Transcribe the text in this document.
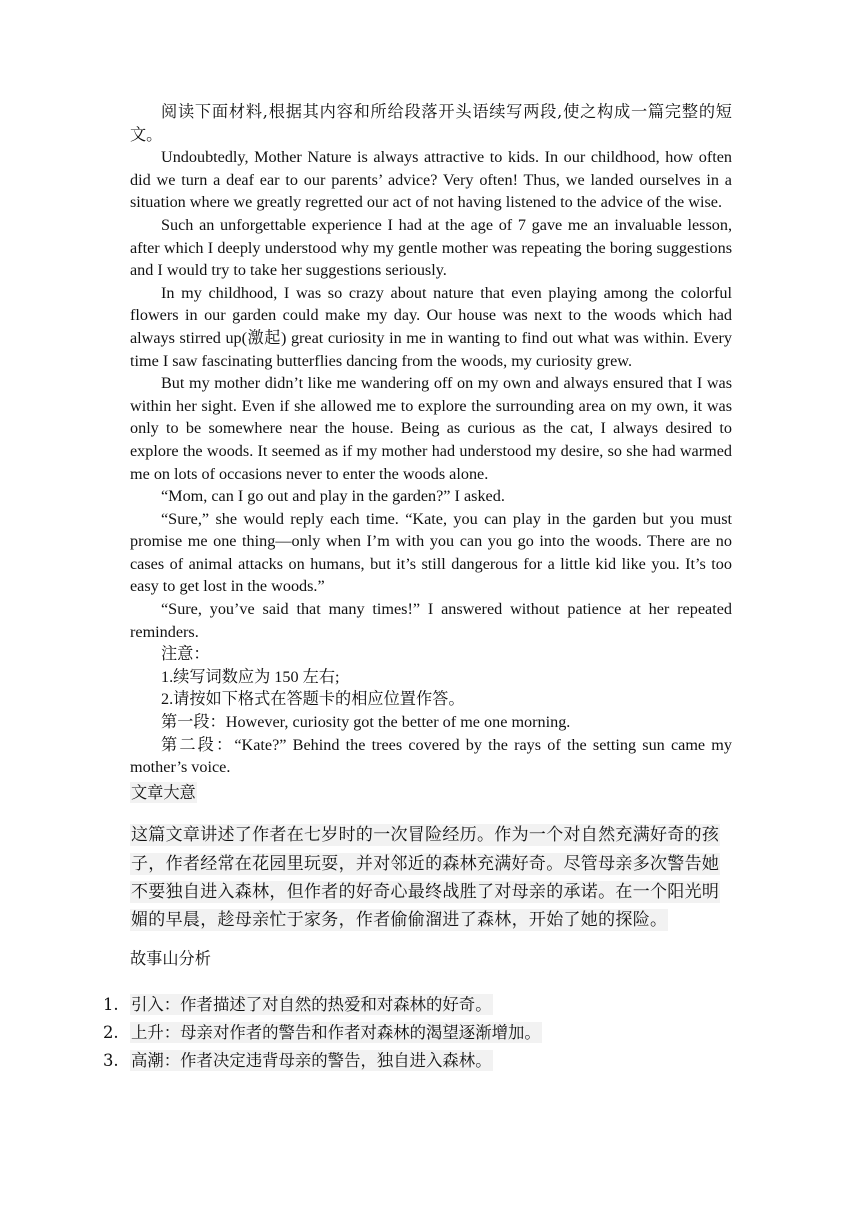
阅读下面材料,根据其内容和所给段落开头语续写两段,使之构成一篇完整的短文。

Undoubtedly, Mother Nature is always attractive to kids. In our childhood, how often did we turn a deaf ear to our parents’ advice? Very often! Thus, we landed ourselves in a situation where we greatly regretted our act of not having listened to the advice of the wise.

Such an unforgettable experience I had at the age of 7 gave me an invaluable lesson, after which I deeply understood why my gentle mother was repeating the boring suggestions and I would try to take her suggestions seriously.

In my childhood, I was so crazy about nature that even playing among the colorful flowers in our garden could make my day. Our house was next to the woods which had always stirred up(激起) great curiosity in me in wanting to find out what was within. Every time I saw fascinating butterflies dancing from the woods, my curiosity grew.

But my mother didn’t like me wandering off on my own and always ensured that I was within her sight. Even if she allowed me to explore the surrounding area on my own, it was only to be somewhere near the house. Being as curious as the cat, I always desired to explore the woods. It seemed as if my mother had understood my desire, so she had warmed me on lots of occasions never to enter the woods alone.

“Mom, can I go out and play in the garden?” I asked.

“Sure,” she would reply each time. “Kate, you can play in the garden but you must promise me one thing—only when I’m with you can you go into the woods. There are no cases of animal attacks on humans, but it’s still dangerous for a little kid like you. It’s too easy to get lost in the woods.”

“Sure, you’ve said that many times!” I answered without patience at her repeated reminders.

注意：

1.续写词数应为 150 左右;

2.请按如下格式在答题卡的相应位置作答。

第一段：However, curiosity got the better of me one morning.

第二段：“Kate?” Behind the trees covered by the rays of the setting sun came my mother’s voice.

文章大意

这篇文章讲述了作者在七岁时的一次冒险经历。作为一个对自然充满好奇的孩子，作者经常在花园里玩耍，并对邻近的森林充满好奇。尽管母亲多次警告她不要独自进入森林，但作者的好奇心最终战胜了对母亲的承诺。在一个阳光明媚的早晨，趁母亲忙于家务，作者偷偷溜进了森林，开始了她的探险。

故事山分析

1. 引入：作者描述了对自然的热爱和对森林的好奇。
2. 上升：母亲对作者的警告和作者对森林的渴望逐渐增加。
3. 高潮：作者决定违背母亲的警告，独自进入森林。
